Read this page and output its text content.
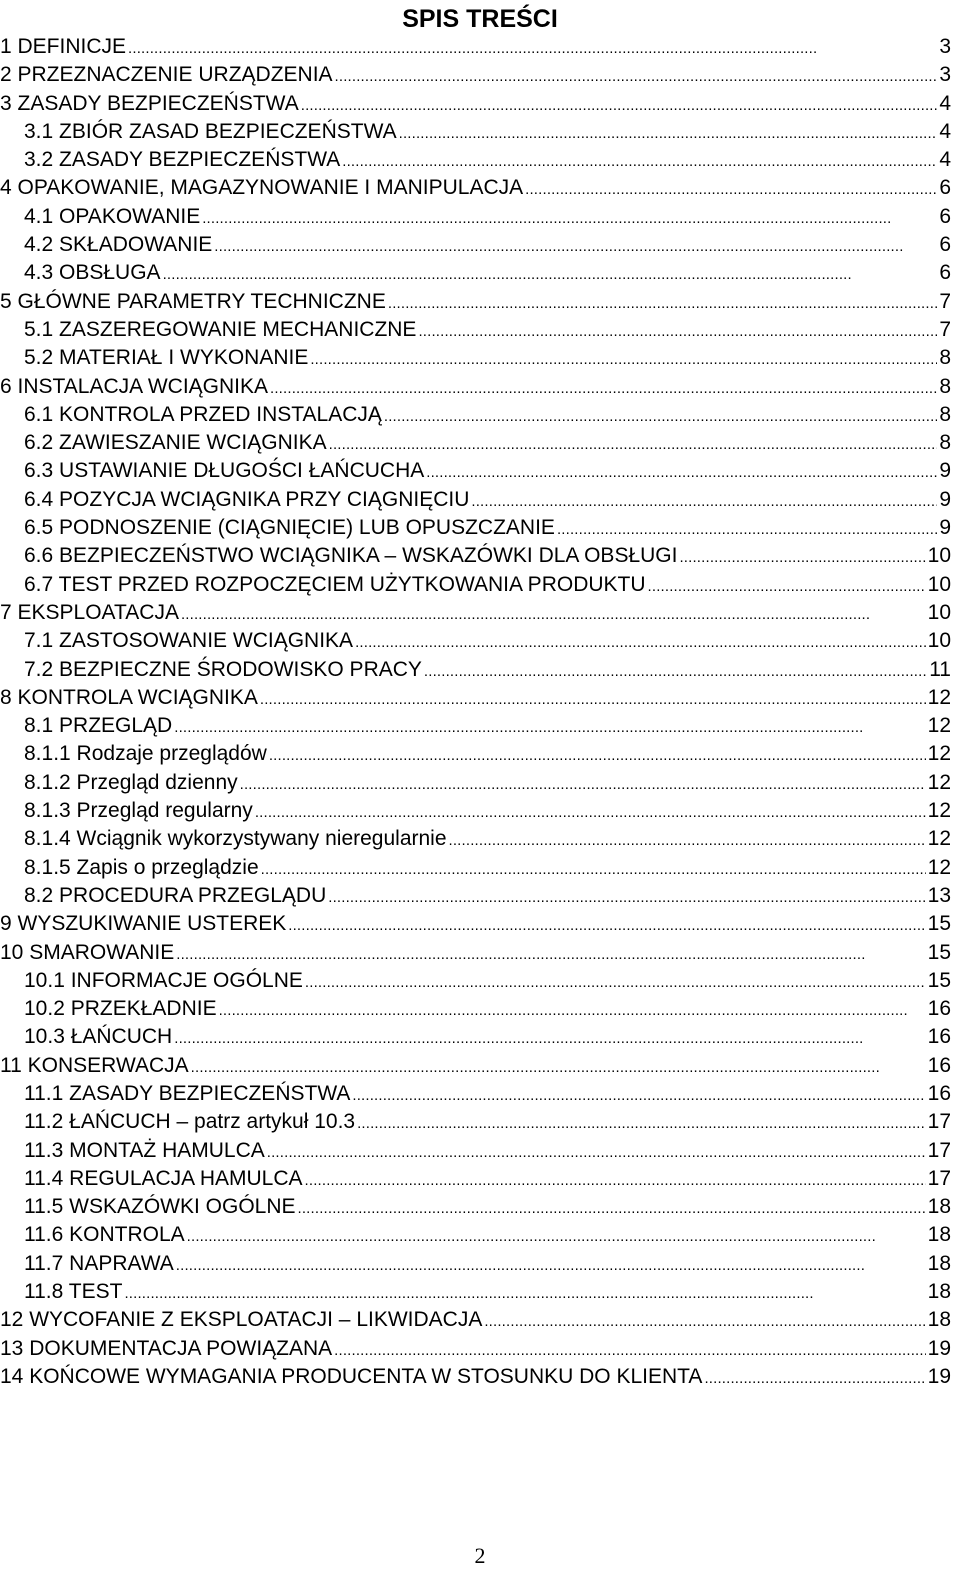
SPIS TREŚCI
1 DEFINICJE . . .	3
2 PRZEZNACZENIE URZĄDZENIA . . .	3
3 ZASADY BEZPIECZEŃSTWA . . .	4
3.1 ZBIÓR ZASAD BEZPIECZEŃSTWA . . .	4
3.2 ZASADY BEZPIECZEŃSTWA . . .	4
4 OPAKOWANIE, MAGAZYNOWANIE I MANIPULACJA . . .	6
4.1 OPAKOWANIE . . .	6
4.2 SKŁADOWANIE . . .	6
4.3 OBSŁUGA . . .	6
5 GŁÓWNE PARAMETRY TECHNICZNE . . .	7
5.1 ZASZEREGOWANIE MECHANICZNE . . .	7
5.2 MATERIAŁ I WYKONANIE . . .	8
6 INSTALACJA WCIĄGNIKA . . .	8
6.1 KONTROLA PRZED INSTALACJĄ . . .	8
6.2 ZAWIESZANIE WCIĄGNIKA . . .	8
6.3 USTAWIANIE DŁUGOŚCI ŁAŃCUCHA . . .	9
6.4 POZYCJA WCIĄGNIKA PRZY CIĄGNIĘCIU . . .	9
6.5 PODNOSZENIE (CIĄGNIĘCIE) LUB OPUSZCZANIE . . .	9
6.6 BEZPIECZEŃSTWO WCIĄGNIKA – WSKAZÓWKI DLA OBSŁUGI . . .	10
6.7 TEST PRZED ROZPOCZĘCIEM UŻYTKOWANIA PRODUKTU . . .	10
7 EKSPLOATACJA . . .	10
7.1 ZASTOSOWANIE WCIĄGNIKA . . .	10
7.2 BEZPIECZNE ŚRODOWISKO PRACY . . .	11
8 KONTROLA WCIĄGNIKA . . .	12
8.1 PRZEGLĄD . . .	12
8.1.1 Rodzaje przeglądów . . .	12
8.1.2 Przegląd dzienny . . .	12
8.1.3 Przegląd regularny . . .	12
8.1.4 Wciągnik wykorzystywany nieregularnie . . .	12
8.1.5 Zapis o przeglądzie . . .	12
8.2 PROCEDURA PRZEGLĄDU . . .	13
9 WYSZUKIWANIE USTEREK . . .	15
10 SMAROWANIE . . .	15
10.1 INFORMACJE OGÓLNE . . .	15
10.2 PRZEKŁADNIE . . .	16
10.3 ŁAŃCUCH . . .	16
11 KONSERWACJA . . .	16
11.1 ZASADY BEZPIECZEŃSTWA . . .	16
11.2 ŁAŃCUCH – patrz artykuł 10.3 . . .	17
11.3 MONTAŻ HAMULCA . . .	17
11.4 REGULACJA HAMULCA . . .	17
11.5 WSKAZÓWKI OGÓLNE . . .	18
11.6 KONTROLA . . .	18
11.7 NAPRAWA . . .	18
11.8 TEST . . .	18
12 WYCOFANIE Z EKSPLOATACJI – LIKWIDACJA . . .	18
13 DOKUMENTACJA POWIĄZANA . . .	19
14 KOŃCOWE WYMAGANIA PRODUCENTA W STOSUNKU DO KLIENTA . . .	19
2
